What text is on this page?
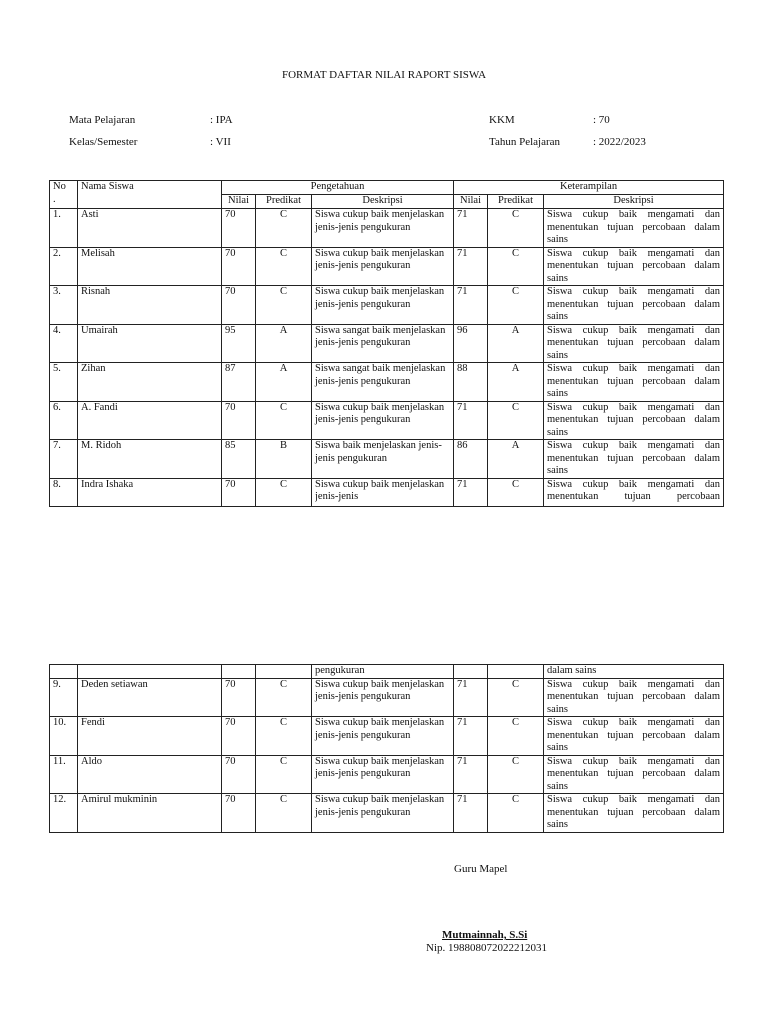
FORMAT DAFTAR NILAI RAPORT SISWA
Mata Pelajaran	: IPA
Kelas/Semester	: VII
KKM	: 70
Tahun Pelajaran	: 2022/2023
No
.	Nama Siswa	Pengetahuan			Keterampilan		
		Nilai	Predikat	Deskripsi	Nilai	Predikat	Deskripsi
1.	Asti	70	C	Siswa cukup baik menjelaskan jenis-jenis pengukuran	71	C	Siswa cukup baik mengamati dan menentukan tujuan percobaan dalam sains
2.	Melisah	70	C	Siswa cukup baik menjelaskan jenis-jenis pengukuran	71	C	Siswa cukup baik mengamati dan menentukan tujuan percobaan dalam sains
3.	Risnah	70	C	Siswa cukup baik menjelaskan jenis-jenis pengukuran	71	C	Siswa cukup baik mengamati dan menentukan tujuan percobaan dalam sains
4.	Umairah	95	A	Siswa sangat baik menjelaskan jenis-jenis pengukuran	96	A	Siswa cukup baik mengamati dan menentukan tujuan percobaan dalam sains
5.	Zihan	87	A	Siswa sangat baik menjelaskan jenis-jenis pengukuran	88	A	Siswa cukup baik mengamati dan menentukan tujuan percobaan dalam sains
6.	A. Fandi	70	C	Siswa cukup baik menjelaskan jenis-jenis pengukuran	71	C	Siswa cukup baik mengamati dan menentukan tujuan percobaan dalam sains
7.	M. Ridoh	85	B	Siswa baik menjelaskan jenis-jenis pengukuran	86	A	Siswa cukup baik mengamati dan menentukan tujuan percobaan dalam sains
8.	Indra Ishaka	70	C	Siswa cukup baik menjelaskan jenis-jenis	71	C	Siswa cukup baik mengamati dan menentukan tujuan percobaan
				pengukuran			dalam sains
9.	Deden setiawan	70	C	Siswa cukup baik menjelaskan jenis-jenis pengukuran	71	C	Siswa cukup baik mengamati dan menentukan tujuan percobaan dalam sains
10.	Fendi	70	C	Siswa cukup baik menjelaskan jenis-jenis pengukuran	71	C	Siswa cukup baik mengamati dan menentukan tujuan percobaan dalam sains
11.	Aldo	70	C	Siswa cukup baik menjelaskan jenis-jenis pengukuran	71	C	Siswa cukup baik mengamati dan menentukan tujuan percobaan dalam sains
12.	Amirul mukminin	70	C	Siswa cukup baik menjelaskan jenis-jenis pengukuran	71	C	Siswa cukup baik mengamati dan menentukan tujuan percobaan dalam sains
Guru Mapel
Mutmainnah, S.Si
Nip. 198808072022212031
